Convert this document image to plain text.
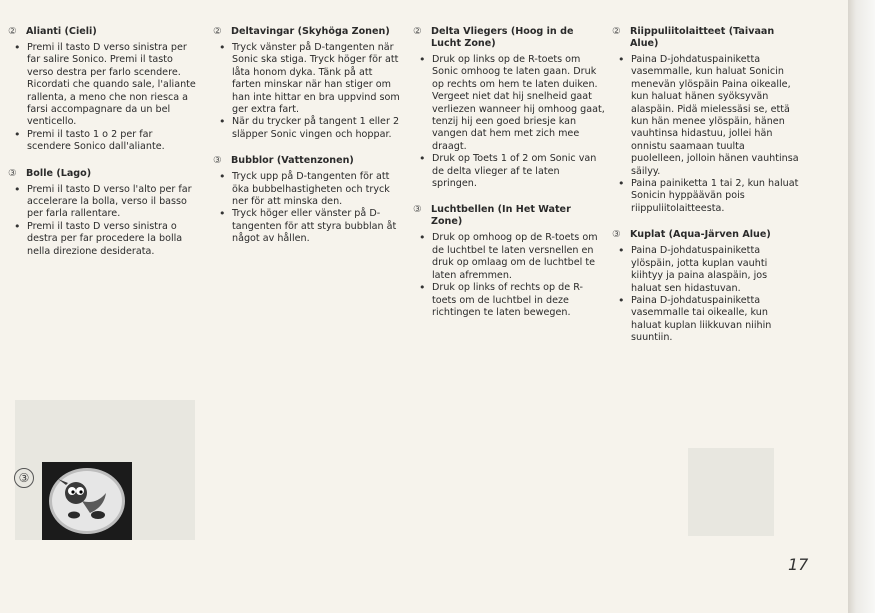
② Alianti (Cieli)
• Premi il tasto D verso sinistra per far salire Sonico. Premi il tasto verso destra per farlo scendere. Ricordati che quando sale, l'aliante rallenta, a meno che non riesca a farsi accompagnare da un bel venticello.
• Premi il tasto 1 o 2 per far scendere Sonico dall'aliante.
③ Bolle (Lago)
• Premi il tasto D verso l'alto per far accelerare la bolla, verso il basso per farla rallentare.
• Premi il tasto D verso sinistra o destra per far procedere la bolla nella direzione desiderata.
② Deltavingar (Skyhöga Zonen)
• Tryck vänster på D-tangenten när Sonic ska stiga. Tryck höger för att låta honom dyka. Tänk på att farten minskar när han stiger om han inte hittar en bra uppvind som ger extra fart.
• När du trycker på tangent 1 eller 2 släpper Sonic vingen och hoppar.
③ Bubblor (Vattenzonen)
• Tryck upp på D-tangenten för att öka bubbelhastigheten och tryck ner för att minska den.
• Tryck höger eller vänster på D-tangenten för att styra bubblan åt något av hållen.
② Delta Vliegers (Hoog in de Lucht Zone)
• Druk op links op de R-toets om Sonic omhoog te laten gaan. Druk op rechts om hem te laten duiken. Vergeet niet dat hij snelheid gaat verliezen wanneer hij omhoog gaat, tenzij hij een goed briesje kan vangen dat hem met zich mee draagt.
• Druk op Toets 1 of 2 om Sonic van de delta vlieger af te laten springen.
③ Luchtbellen (In Het Water Zone)
• Druk op omhoog op de R-toets om de luchtbel te laten versnellen en druk op omlaag om de luchtbel te laten afremmen.
• Druk op links of rechts op de R-toets om de luchtbel in deze richtingen te laten bewegen.
② Riippuliitolaitteet (Taivaan Alue)
• Paina D-johdatuspainiketta vasemmalle, kun haluat Sonicin menevän ylöspäin Paina oikealle, kun haluat hänen syöksyvän alaspäin. Pidä mielessäsi se, että kun hän menee ylöspäin, hänen vauhtinsa hidastuu, jollei hän onnistu saamaan tuulta puolelleen, jolloin hänen vauhtinsa säilyy.
• Paina painiketta 1 tai 2, kun haluat Sonicin hyppäävän pois riippuliitolaitteesta.
③ Kuplat (Aqua-Järven Alue)
• Paina D-johdatuspainiketta ylöspäin, jotta kuplan vauhti kiihtyy ja paina alaspäin, jos haluat sen hidastuvan.
• Paina D-johdatuspainiketta vasemmalle tai oikealle, kun haluat kuplan liikkuvan niihin suuntiin.
③
17
